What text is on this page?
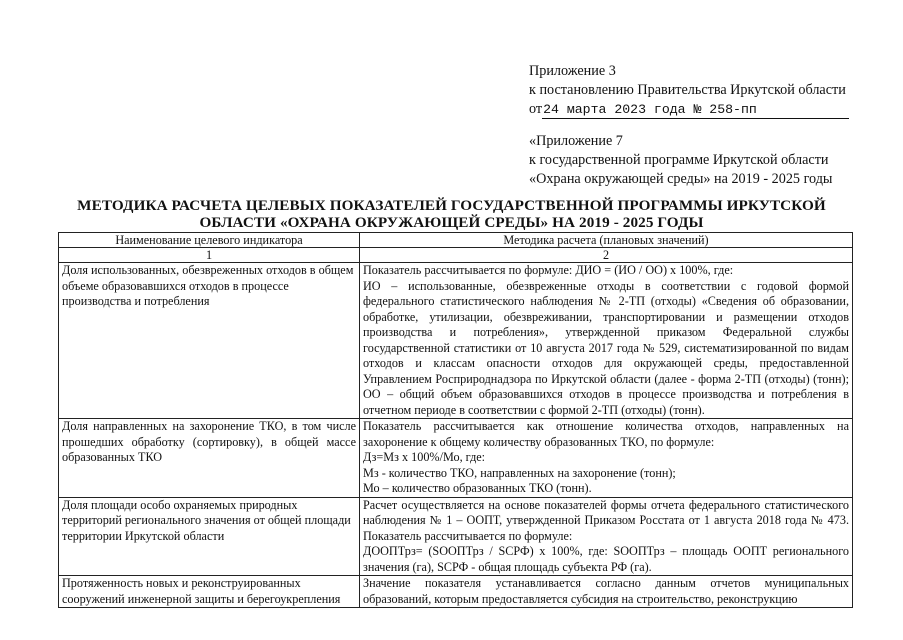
Приложение 3
к постановлению Правительства Иркутской области
от 24 марта 2023 года № 258-пп
«Приложение 7
к государственной программе Иркутской области
«Охрана окружающей среды» на 2019 - 2025 годы
МЕТОДИКА РАСЧЕТА ЦЕЛЕВЫХ ПОКАЗАТЕЛЕЙ ГОСУДАРСТВЕННОЙ ПРОГРАММЫ ИРКУТСКОЙ
ОБЛАСТИ «ОХРАНА ОКРУЖАЮЩЕЙ СРЕДЫ» НА 2019 - 2025 ГОДЫ
Наименование целевого индикатора	Методика расчета (плановых значений)
1	2
Доля использованных, обезвреженных отходов в общем объеме образовавшихся отходов в процессе производства и потребления	Показатель рассчитывается по формуле: ДИО = (ИО / ОО) x 100%, где:
ИО – использованные, обезвреженные отходы в соответствии с годовой формой федерального статистического наблюдения № 2-ТП (отходы) «Сведения об образовании, обработке, утилизации, обезвреживании, транспортировании и размещении отходов производства и потребления», утвержденной приказом Федеральной службы государственной статистики от 10 августа 2017 года № 529, систематизированной по видам отходов и классам опасности отходов для окружающей среды, предоставленной Управлением Росприроднадзора по Иркутской области (далее - форма 2-ТП (отходы) (тонн); ОО – общий объем образовавшихся отходов в процессе производства и потребления в отчетном периоде в соответствии с формой 2-ТП (отходы) (тонн).

Доля направленных на захоронение ТКО, в том числе прошедших обработку (сортировку), в общей массе образованных ТКО	Показатель рассчитывается как отношение количества отходов, направленных на захоронение к общему количеству образованных ТКО, по формуле:
Дз=Мз x 100%/Мо, где:
Мз - количество ТКО, направленных на захоронение (тонн);
Мо – количество образованных ТКО (тонн).

Доля площади особо охраняемых природных территорий регионального значения от общей площади территории Иркутской области	Расчет осуществляется на основе показателей формы отчета федерального статистического наблюдения № 1 – ООПТ, утвержденной Приказом Росстата от 1 августа 2018 года № 473. Показатель рассчитывается по формуле:
ДООПТрз= (SООПТрз / SСРФ) x 100%, где: SООПТрз – площадь ООПТ регионального значения (га), SСРФ - общая площадь субъекта РФ (га).

Протяженность новых и реконструированных сооружений инженерной защиты и берегоукрепления	Значение показателя устанавливается согласно данным отчетов муниципальных образований, которым предоставляется субсидия на строительство, реконструкцию
